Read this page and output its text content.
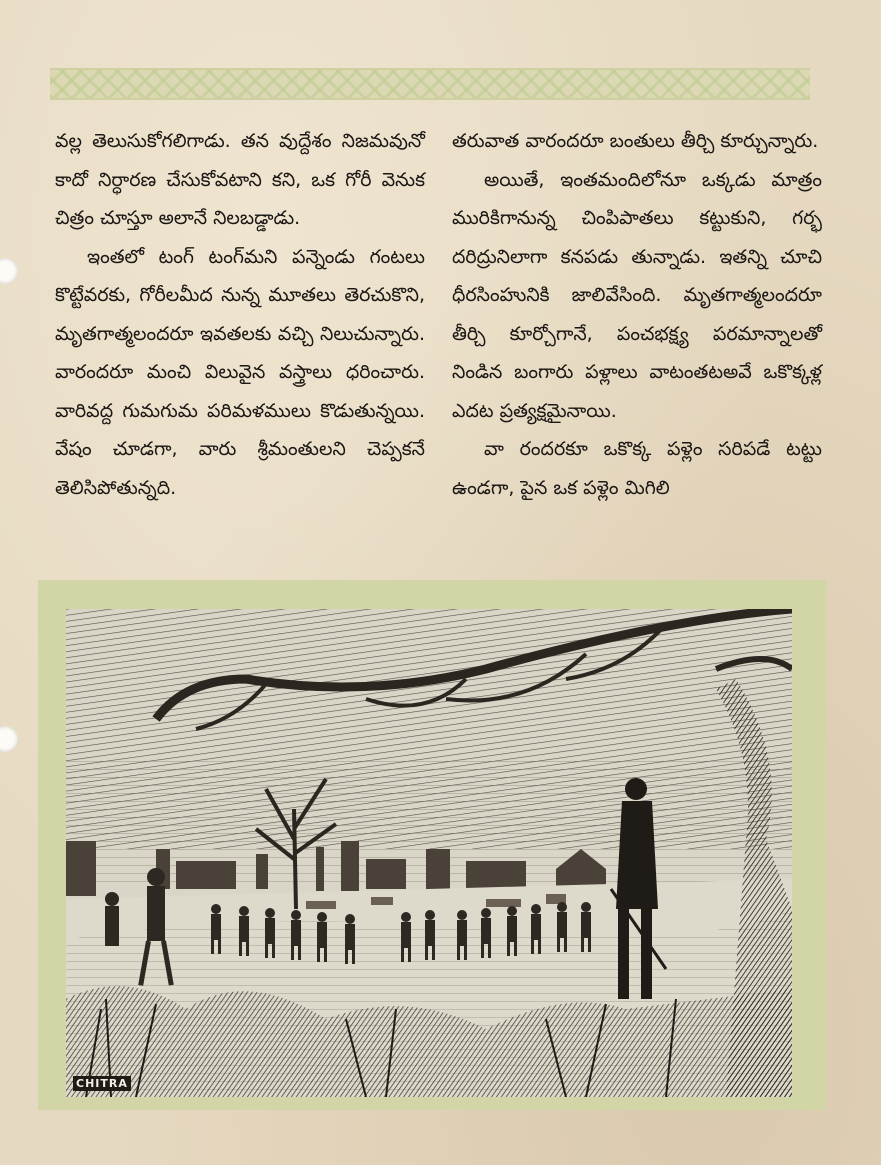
వల్ల తెలుసుకోగలిగాడు. తన వుద్దేశం నిజమవునో కాదో నిర్ధారణ చేసుకోవటాని కని, ఒక గోరీ వెనుక చిత్రం చూస్తూ అలానే నిలబడ్డాడు.

ఇంతలో టంగ్ టంగ్‌మని పన్నెండు గంటలు కొట్టేవరకు, గోరీలమీద నున్న మూతలు తెరచుకొని, మృతగాత్మలందరూ ఇవతలకు వచ్చి నిలుచున్నారు. వారందరూ మంచి విలువైన వస్త్రాలు ధరించారు. వారివద్ద గుమగుమ పరిమళములు కొడుతున్నయి. వేషం చూడగా, వారు శ్రీమంతులని చెప్పకనే తెలిసిపోతున్నది.

తరువాత వారందరూ బంతులు తీర్చి కూర్చున్నారు.

అయితే, ఇంతమందిలోనూ ఒక్కడు మాత్రం మురికిగానున్న చింపిపాతలు కట్టుకుని, గర్భ దరిద్రునిలాగా కనపడు తున్నాడు. ఇతన్ని చూచి ధీరసింహునికి జాలివేసింది. మృతగాత్మలందరూ తీర్చి కూర్చోగానే, పంచభక్ష్య పరమాన్నాలతో నిండిన బంగారు పళ్లాలు వాటంతటఅవే ఒకొక్కళ్ల ఎదట ప్రత్యక్షమైనాయి.

వా రందరకూ ఒకొక్క పళ్లెం సరిపడే టట్టు ఉండగా, పైన ఒక పళ్లెం మిగిలి

CHITRA
